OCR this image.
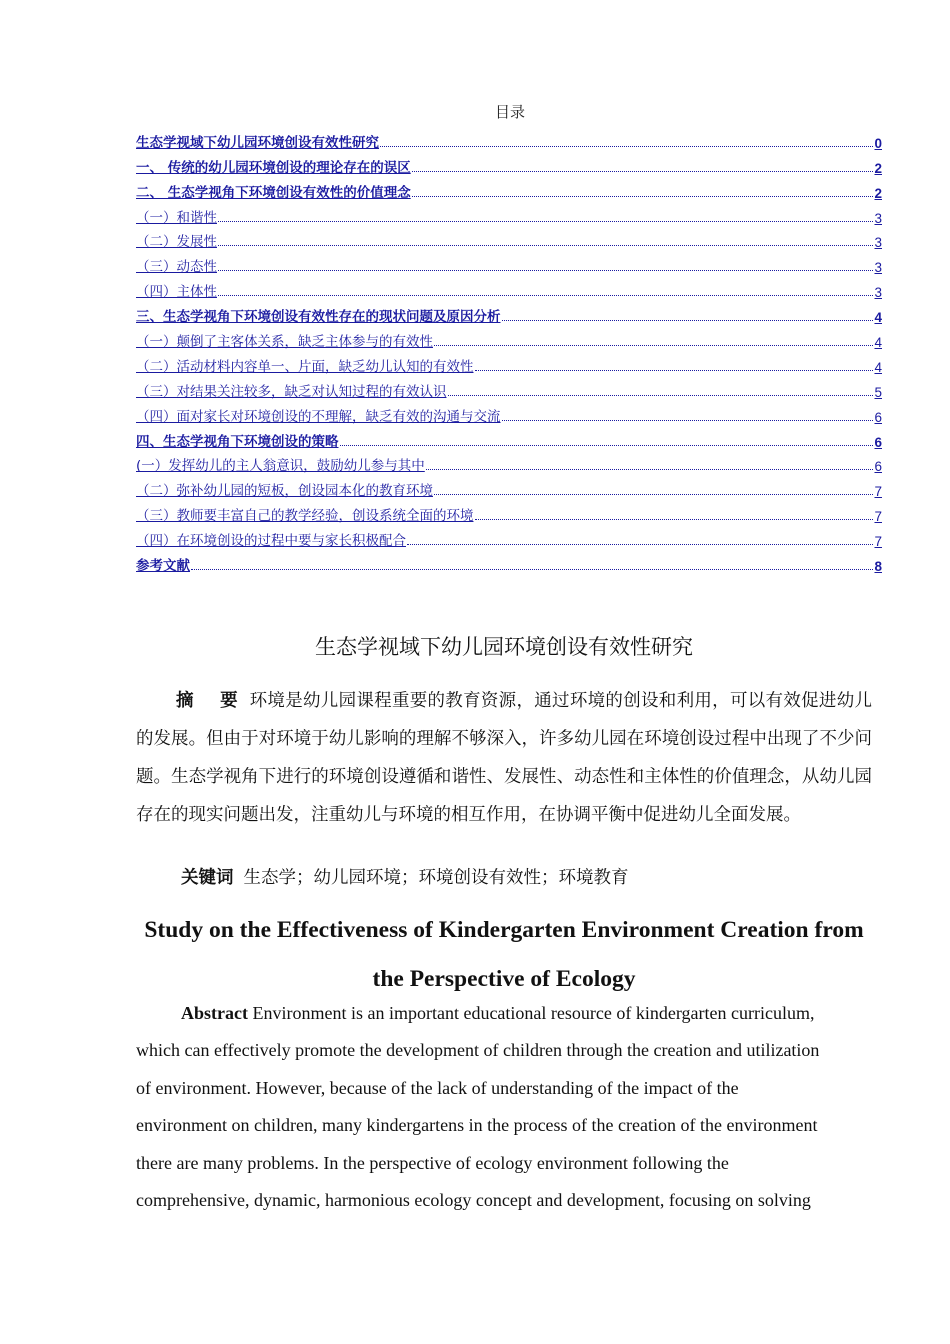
目录
生态学视域下幼儿园环境创设有效性研究	0
一、 传统的幼儿园环境创设的理论存在的误区	2
二、 生态学视角下环境创设有效性的价值理念	2
（一）和谐性	3
（二）发展性	3
（三）动态性	3
（四）主体性	3
三、生态学视角下环境创设有效性存在的现状问题及原因分析	4
（一）颠倒了主客体关系，缺乏主体参与的有效性	4
（二）活动材料内容单一、片面，缺乏幼儿认知的有效性	4
（三）对结果关注较多，缺乏对认知过程的有效认识	5
（四）面对家长对环境创设的不理解，缺乏有效的沟通与交流	6
四、生态学视角下环境创设的策略	6
(一）发挥幼儿的主人翁意识，鼓励幼儿参与其中	6
（二）弥补幼儿园的短板，创设园本化的教育环境	7
（三）教师要丰富自己的教学经验，创设系统全面的环境	7
（四）在环境创设的过程中要与家长积极配合	7
参考文献	8
生态学视域下幼儿园环境创设有效性研究
摘 要 环境是幼儿园课程重要的教育资源，通过环境的创设和利用，可以有效促进幼儿的发展。但由于对环境于幼儿影响的理解不够深入，许多幼儿园在环境创设过程中出现了不少问题。生态学视角下进行的环境创设遵循和谐性、发展性、动态性和主体性的价值理念，从幼儿园存在的现实问题出发，注重幼儿与环境的相互作用，在协调平衡中促进幼儿全面发展。
关键词 生态学；幼儿园环境；环境创设有效性；环境教育
Study on the Effectiveness of Kindergarten Environment Creation from the Perspective of Ecology
Abstract Environment is an important educational resource of kindergarten curriculum,
which can effectively promote the development of children through the creation and utilization
of environment. However, because of the lack of understanding of the impact of the
environment on children, many kindergartens in the process of the creation of the environment
there are many problems. In the perspective of ecology environment following the
comprehensive, dynamic, harmonious ecology concept and development, focusing on solving
